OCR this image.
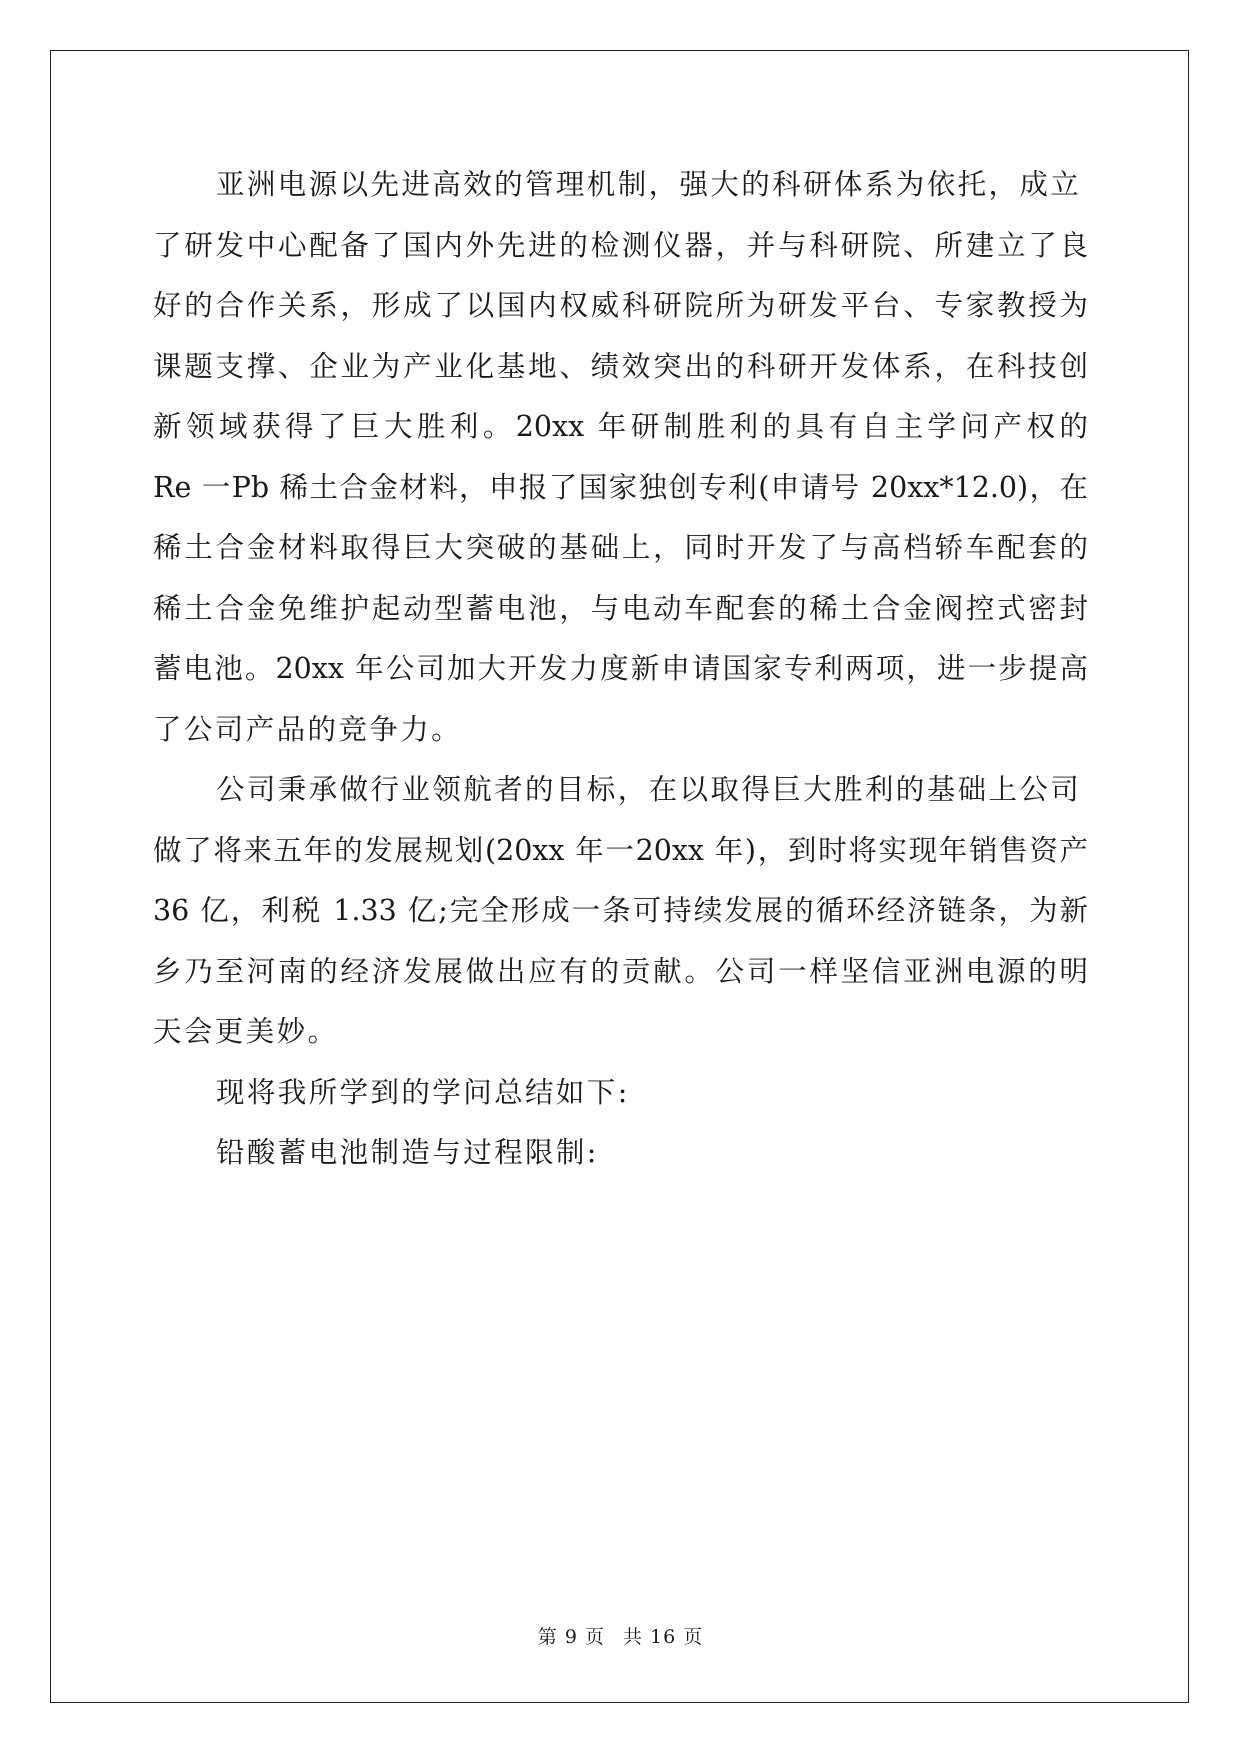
亚洲电源以先进高效的管理机制，强大的科研体系为依托，成立
了研发中心配备了国内外先进的检测仪器，并与科研院、所建立了良
好的合作关系，形成了以国内权威科研院所为研发平台、专家教授为
课题支撑、企业为产业化基地、绩效突出的科研开发体系，在科技创
新领域获得了巨大胜利。20xx 年研制胜利的具有自主学问产权的
Re 一Pb 稀土合金材料，申报了国家独创专利(申请号 20xx*12.0)，在
稀土合金材料取得巨大突破的基础上，同时开发了与高档轿车配套的
稀土合金免维护起动型蓄电池，与电动车配套的稀土合金阀控式密封
蓄电池。20xx 年公司加大开发力度新申请国家专利两项，进一步提高
了公司产品的竞争力。
公司秉承做行业领航者的目标，在以取得巨大胜利的基础上公司
做了将来五年的发展规划(20xx 年一20xx 年)，到时将实现年销售资产
36 亿，利税 1.33 亿;完全形成一条可持续发展的循环经济链条，为新
乡乃至河南的经济发展做出应有的贡献。公司一样坚信亚洲电源的明
天会更美妙。
现将我所学到的学问总结如下:
铅酸蓄电池制造与过程限制:
第 9 页 共 16 页
